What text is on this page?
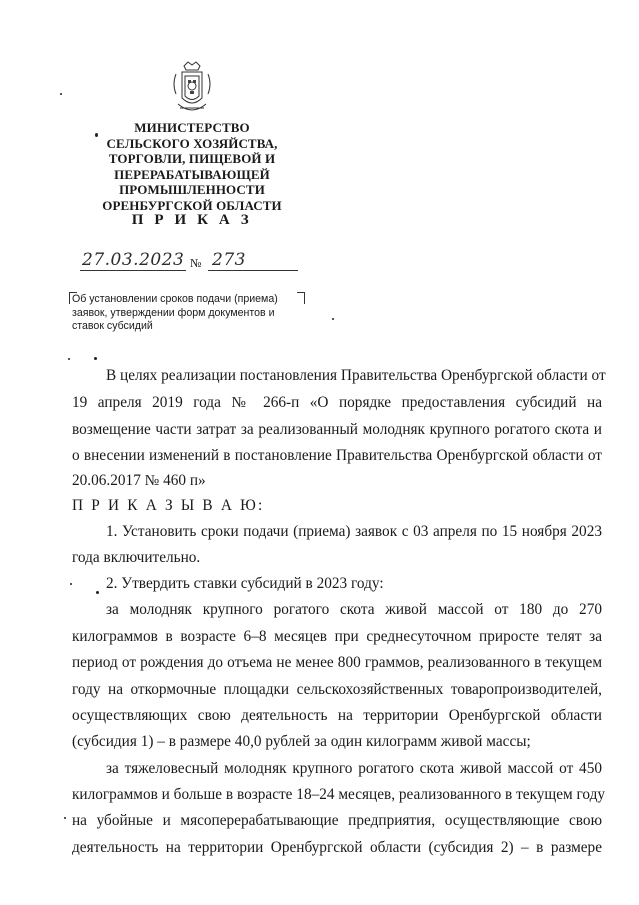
МИНИСТЕРСТВО
СЕЛЬСКОГО ХОЗЯЙСТВА,
ТОРГОВЛИ, ПИЩЕВОЙ И
ПЕРЕРАБАТЫВАЮЩЕЙ
ПРОМЫШЛЕННОСТИ
ОРЕНБУРГСКОЙ ОБЛАСТИ
П Р И К А З
27.03.2023 № 273
Об установлении сроков подачи (приема)
заявок, утверждении форм документов и
ставок субсидий
В целях реализации постановления Правительства Оренбургской области от
19 апреля 2019 года № 266-п «О порядке предоставления субсидий на
возмещение части затрат за реализованный молодняк крупного рогатого скота и
о внесении изменений в постановление Правительства Оренбургской области от
20.06.2017 № 460 п»
П Р И К А З Ы В А Ю:
1. Установить сроки подачи (приема) заявок с 03 апреля по 15 ноября 2023
года включительно.
2. Утвердить ставки субсидий в 2023 году:
за молодняк крупного рогатого скота живой массой от 180 до 270
килограммов в возрасте 6–8 месяцев при среднесуточном приросте телят за
период от рождения до отъема не менее 800 граммов, реализованного в текущем
году на откормочные площадки сельскохозяйственных товаропроизводителей,
осуществляющих свою деятельность на территории Оренбургской области
(субсидия 1) – в размере 40,0 рублей за один килограмм живой массы;
за тяжеловесный молодняк крупного рогатого скота живой массой от 450
килограммов и больше в возрасте 18–24 месяцев, реализованного в текущем году
на убойные и мясоперерабатывающие предприятия, осуществляющие свою
деятельность на территории Оренбургской области (субсидия 2) – в размере
